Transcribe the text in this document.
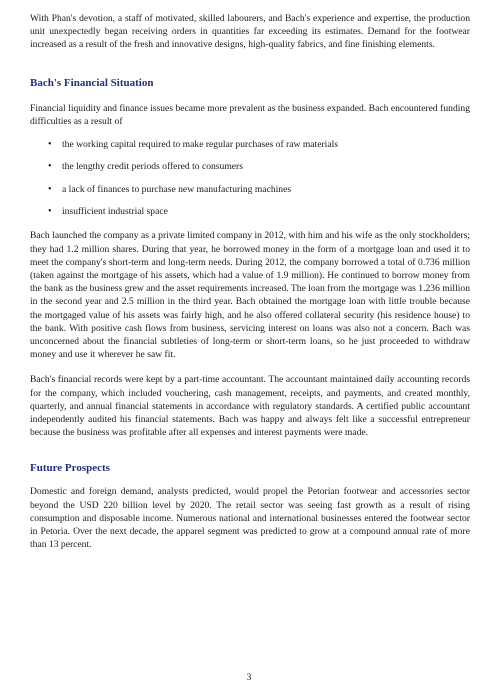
With Phan's devotion, a staff of motivated, skilled labourers, and Bach's experience and expertise, the production unit unexpectedly began receiving orders in quantities far exceeding its estimates. Demand for the footwear increased as a result of the fresh and innovative designs, high-quality fabrics, and fine finishing elements.

Bach's Financial Situation

Financial liquidity and finance issues became more prevalent as the business expanded. Bach encountered funding difficulties as a result of

• the working capital required to make regular purchases of raw materials
• the lengthy credit periods offered to consumers
• a lack of finances to purchase new manufacturing machines
• insufficient industrial space

Bach launched the company as a private limited company in 2012, with him and his wife as the only stockholders; they had 1.2 million shares. During that year, he borrowed money in the form of a mortgage loan and used it to meet the company's short-term and long-term needs. During 2012, the company borrowed a total of 0.736 million (taken against the mortgage of his assets, which had a value of 1.9 million). He continued to borrow money from the bank as the business grew and the asset requirements increased. The loan from the mortgage was 1.236 million in the second year and 2.5 million in the third year. Bach obtained the mortgage loan with little trouble because the mortgaged value of his assets was fairly high, and he also offered collateral security (his residence house) to the bank. With positive cash flows from business, servicing interest on loans was also not a concern. Bach was unconcerned about the financial subtleties of long-term or short-term loans, so he just proceeded to withdraw money and use it wherever he saw fit.

Bach's financial records were kept by a part-time accountant. The accountant maintained daily accounting records for the company, which included vouchering, cash management, receipts, and payments, and created monthly, quarterly, and annual financial statements in accordance with regulatory standards. A certified public accountant independently audited his financial statements. Bach was happy and always felt like a successful entrepreneur because the business was profitable after all expenses and interest payments were made.

Future Prospects

Domestic and foreign demand, analysts predicted, would propel the Petorian footwear and accessories sector beyond the USD 220 billion level by 2020. The retail sector was seeing fast growth as a result of rising consumption and disposable income. Numerous national and international businesses entered the footwear sector in Petoria. Over the next decade, the apparel segment was predicted to grow at a compound annual rate of more than 13 percent.

3
